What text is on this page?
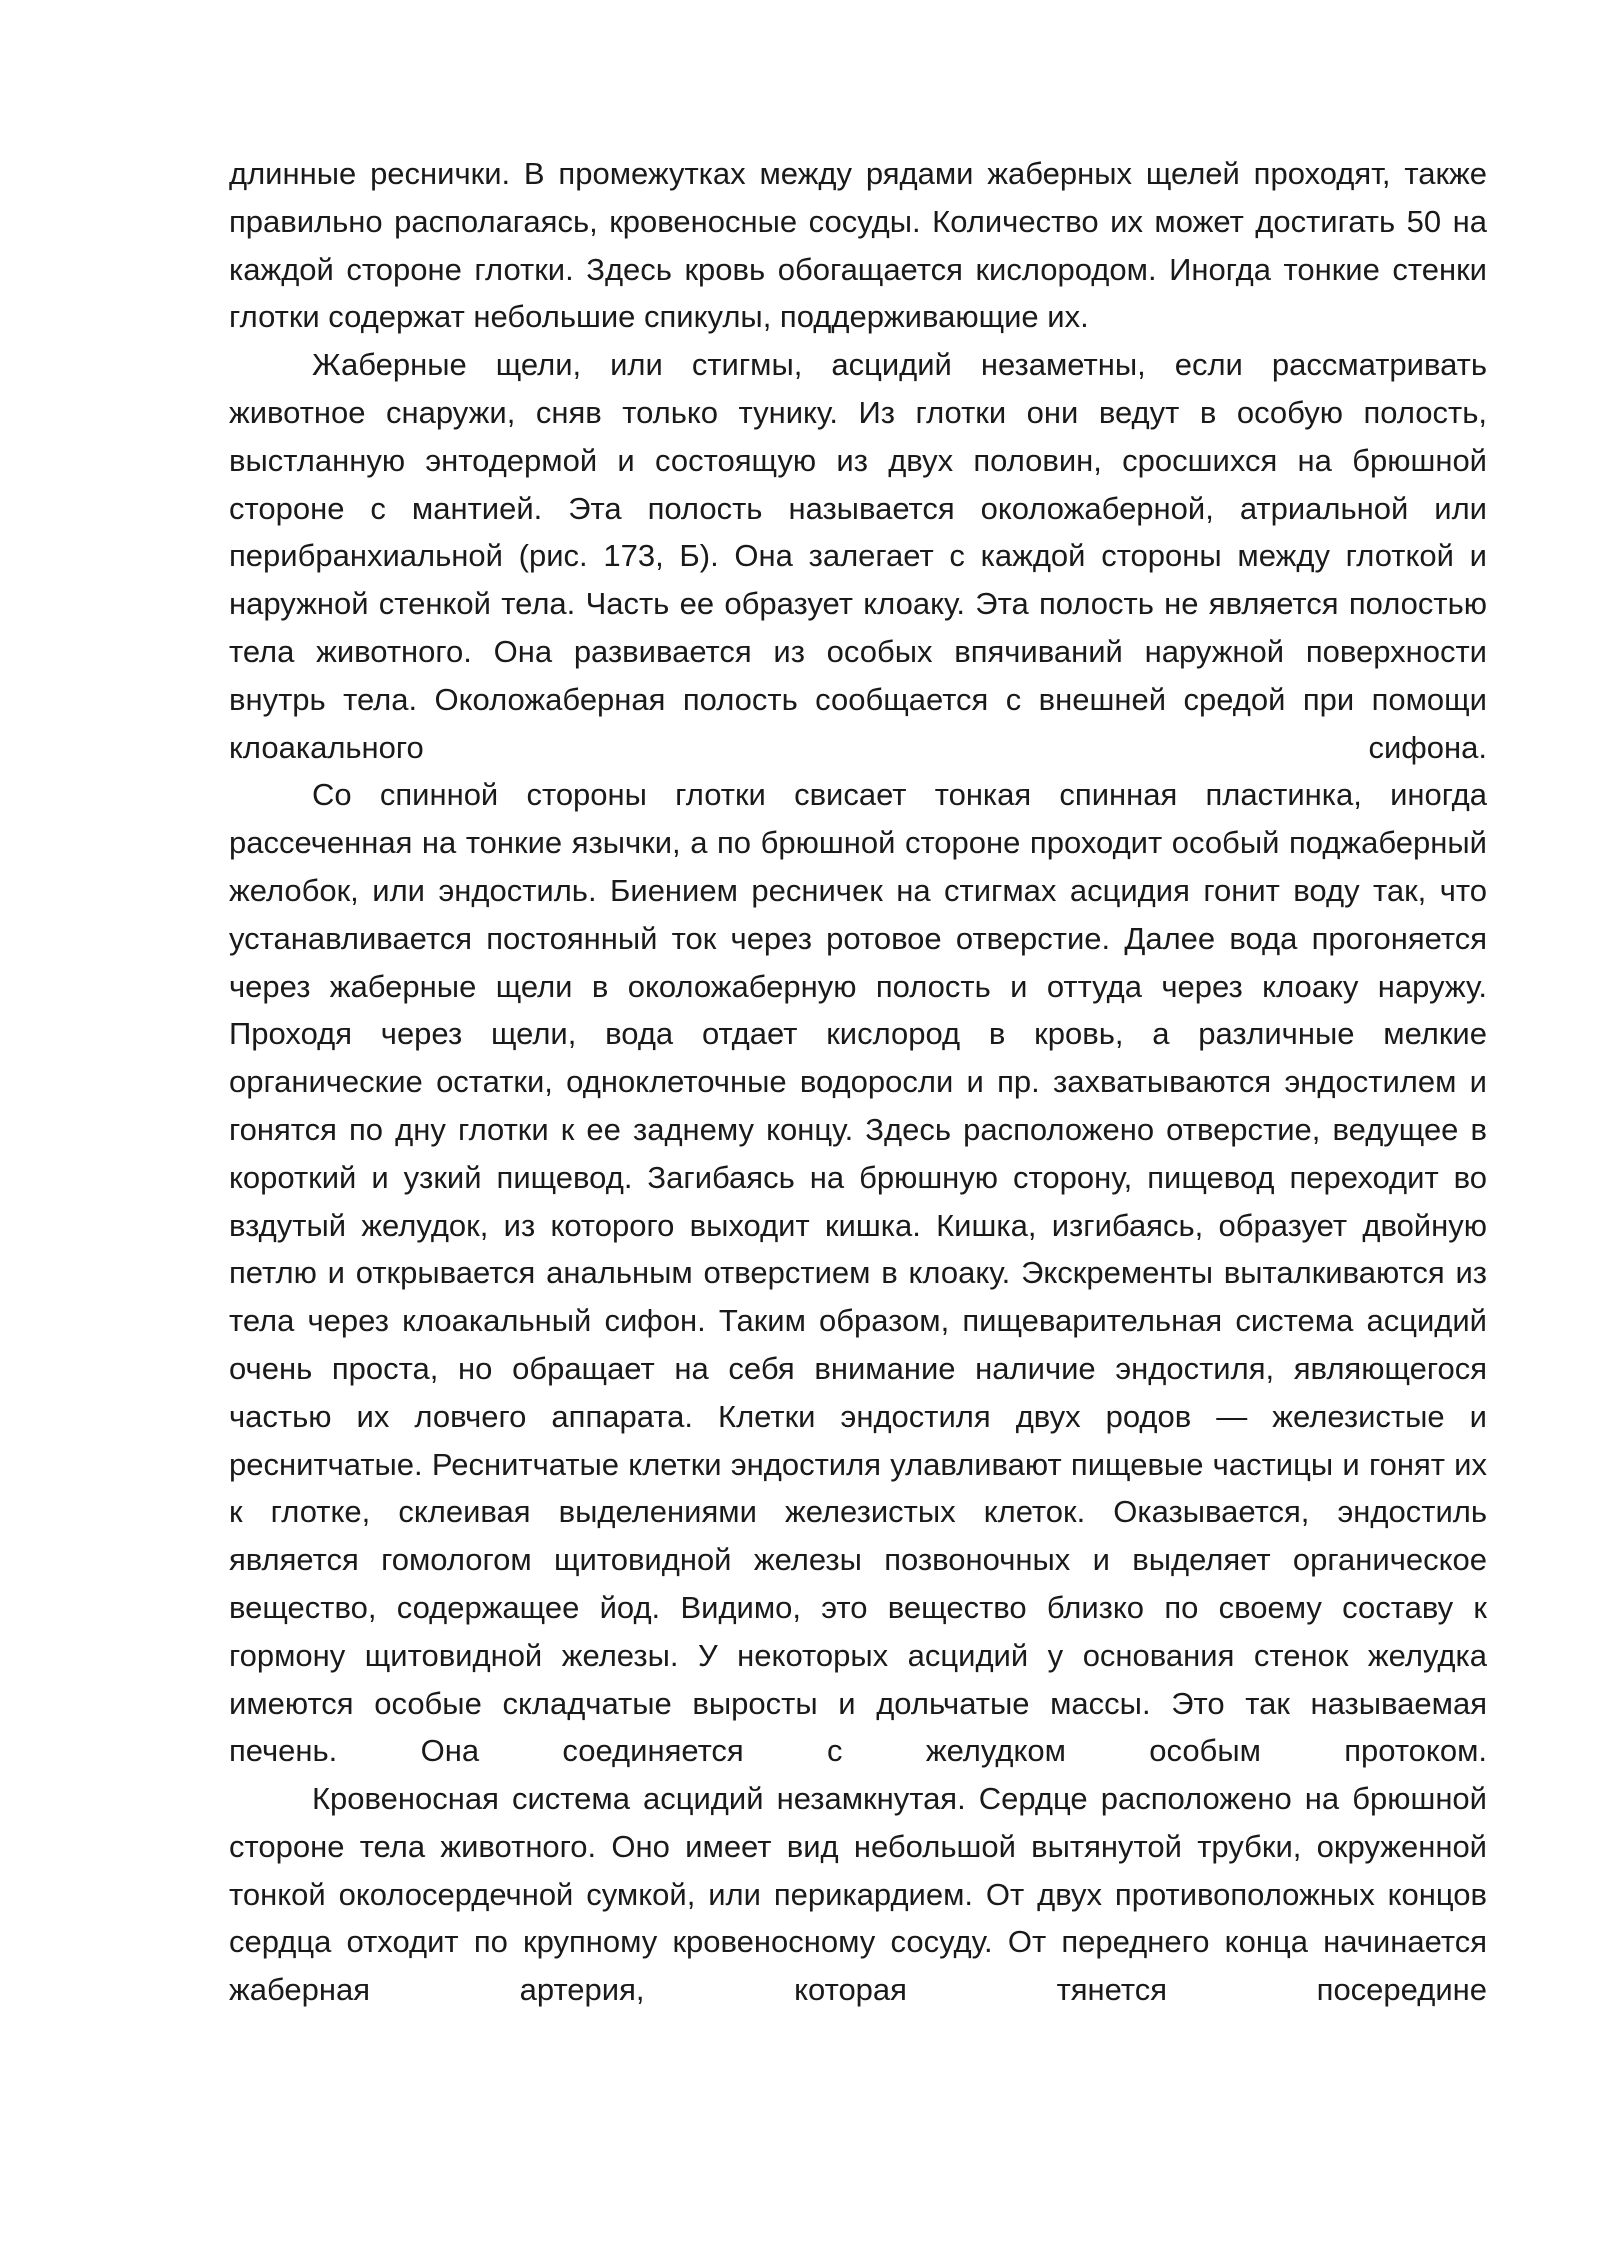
длинные реснички. В промежутках между рядами жаберных щелей проходят, также правильно располагаясь, кровеносные сосуды. Количество их может достигать 50 на каждой стороне глотки. Здесь кровь обогащается кислородом. Иногда тонкие стенки глотки содержат небольшие спикулы, поддерживающие их.

Жаберные щели, или стигмы, асцидий незаметны, если рассматривать животное снаружи, сняв только тунику. Из глотки они ведут в особую полость, выстланную энтодермой и состоящую из двух половин, сросшихся на брюшной стороне с мантией. Эта полость называется околожаберной, атриальной или перибранхиальной (рис. 173, Б). Она залегает с каждой стороны между глоткой и наружной стенкой тела. Часть ее образует клоаку. Эта полость не является полостью тела животного. Она развивается из особых впячиваний наружной поверхности внутрь тела. Околожаберная полость сообщается с внешней средой при помощи клоакального сифона.

Со спинной стороны глотки свисает тонкая спинная пластинка, иногда рассеченная на тонкие язычки, а по брюшной стороне проходит особый поджаберный желобок, или эндостиль. Биением ресничек на стигмах асцидия гонит воду так, что устанавливается постоянный ток через ротовое отверстие. Далее вода прогоняется через жаберные щели в околожаберную полость и оттуда через клоаку наружу. Проходя через щели, вода отдает кислород в кровь, а различные мелкие органические остатки, одноклеточные водоросли и пр. захватываются эндостилем и гонятся по дну глотки к ее заднему концу. Здесь расположено отверстие, ведущее в короткий и узкий пищевод. Загибаясь на брюшную сторону, пищевод переходит во вздутый желудок, из которого выходит кишка. Кишка, изгибаясь, образует двойную петлю и открывается анальным отверстием в клоаку. Экскременты выталкиваются из тела через клоакальный сифон. Таким образом, пищеварительная система асцидий очень проста, но обращает на себя внимание наличие эндостиля, являющегося частью их ловчего аппарата. Клетки эндостиля двух родов — железистые и реснитчатые. Реснитчатые клетки эндостиля улавливают пищевые частицы и гонят их к глотке, склеивая выделениями железистых клеток. Оказывается, эндостиль является гомологом щитовидной железы позвоночных и выделяет органическое вещество, содержащее йод. Видимо, это вещество близко по своему составу к гормону щитовидной железы. У некоторых асцидий у основания стенок желудка имеются особые складчатые выросты и дольчатые массы. Это так называемая печень. Она соединяется с желудком особым протоком.

Кровеносная система асцидий незамкнутая. Сердце расположено на брюшной стороне тела животного. Оно имеет вид небольшой вытянутой трубки, окруженной тонкой околосердечной сумкой, или перикардием. От двух противоположных концов сердца отходит по крупному кровеносному сосуду. От переднего конца начинается жаберная артерия, которая тянется посередине
